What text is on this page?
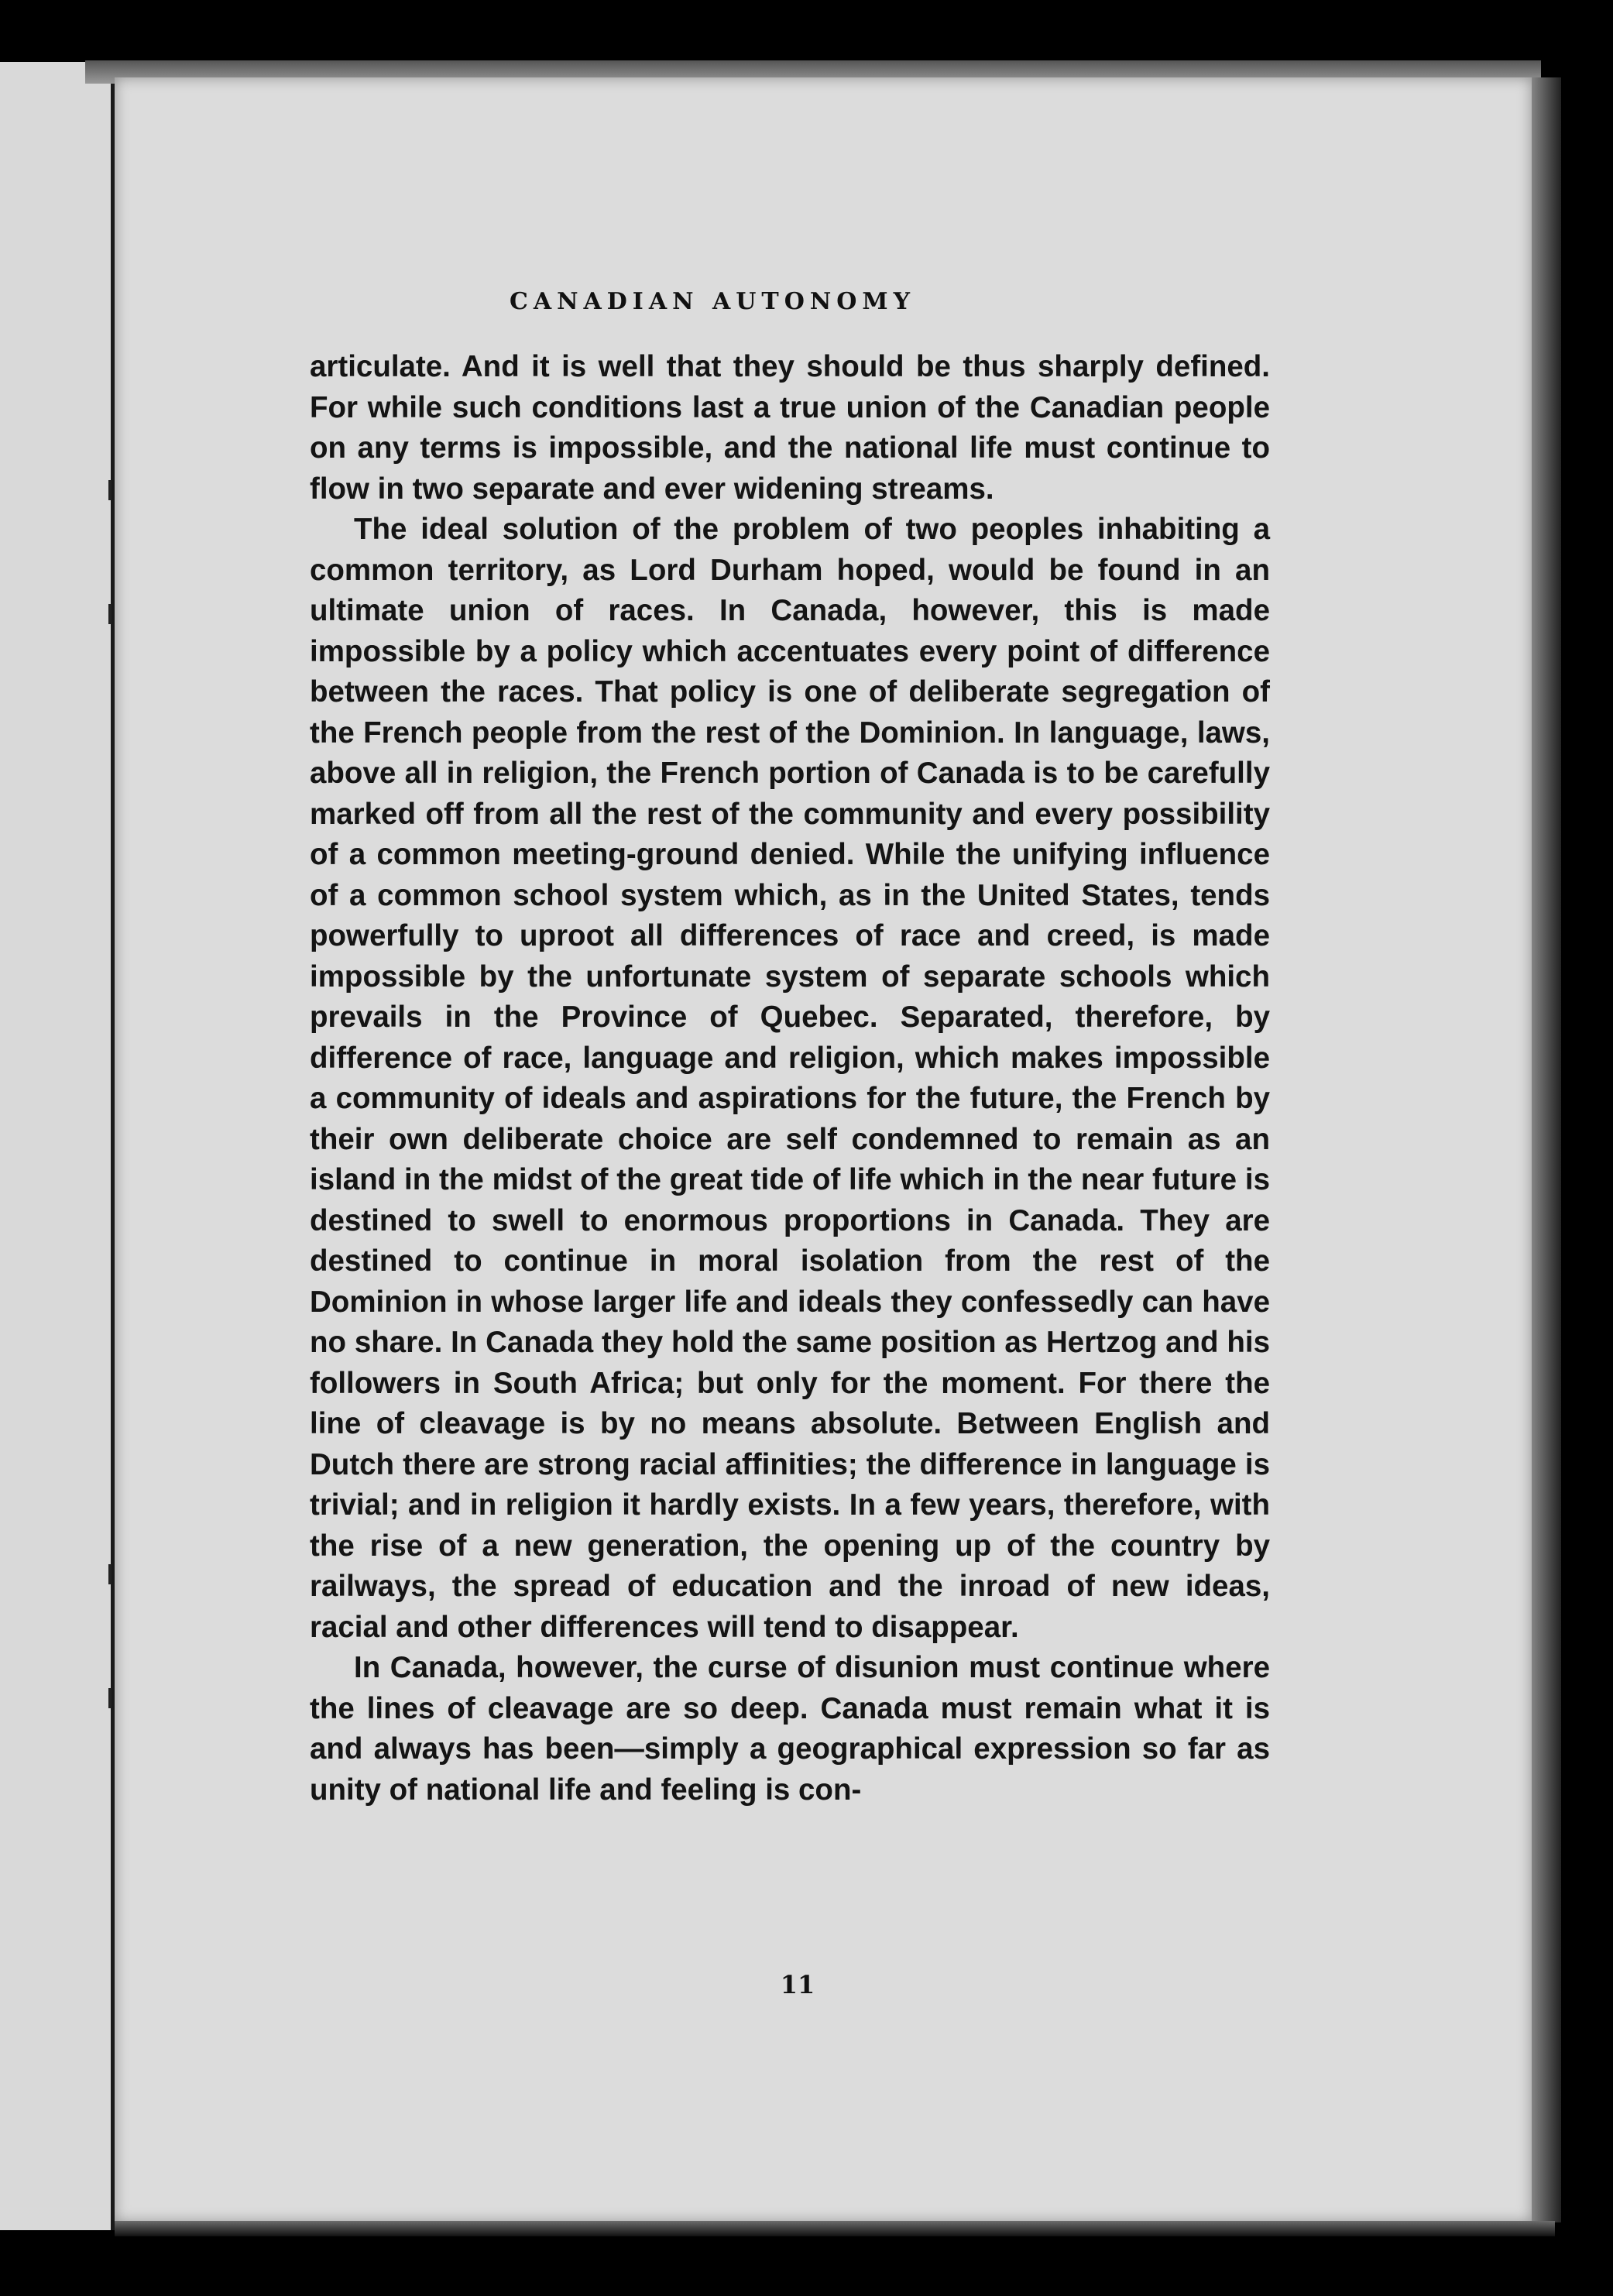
CANADIAN AUTONOMY

articulate. And it is well that they should be thus sharply defined. For while such conditions last a true union of the Canadian people on any terms is impossible, and the national life must continue to flow in two separate and ever widening streams.

The ideal solution of the problem of two peoples inhabiting a common territory, as Lord Durham hoped, would be found in an ultimate union of races. In Canada, however, this is made impossible by a policy which accentuates every point of difference between the races. That policy is one of deliberate segregation of the French people from the rest of the Dominion. In language, laws, above all in religion, the French portion of Canada is to be carefully marked off from all the rest of the community and every possibility of a common meeting-ground denied. While the unifying influence of a common school system which, as in the United States, tends powerfully to uproot all differences of race and creed, is made impossible by the unfortunate system of separate schools which prevails in the Province of Quebec. Separated, therefore, by difference of race, language and religion, which makes impossible a community of ideals and aspirations for the future, the French by their own deliberate choice are self condemned to remain as an island in the midst of the great tide of life which in the near future is destined to swell to enormous proportions in Canada. They are destined to continue in moral isolation from the rest of the Dominion in whose larger life and ideals they confessedly can have no share. In Canada they hold the same position as Hertzog and his followers in South Africa; but only for the moment. For there the line of cleavage is by no means absolute. Between English and Dutch there are strong racial affinities; the difference in language is trivial; and in religion it hardly exists. In a few years, therefore, with the rise of a new generation, the opening up of the country by railways, the spread of education and the inroad of new ideas, racial and other differences will tend to disappear.

In Canada, however, the curse of disunion must continue where the lines of cleavage are so deep. Canada must remain what it is and always has been—simply a geographical expression so far as unity of national life and feeling is con-

11
